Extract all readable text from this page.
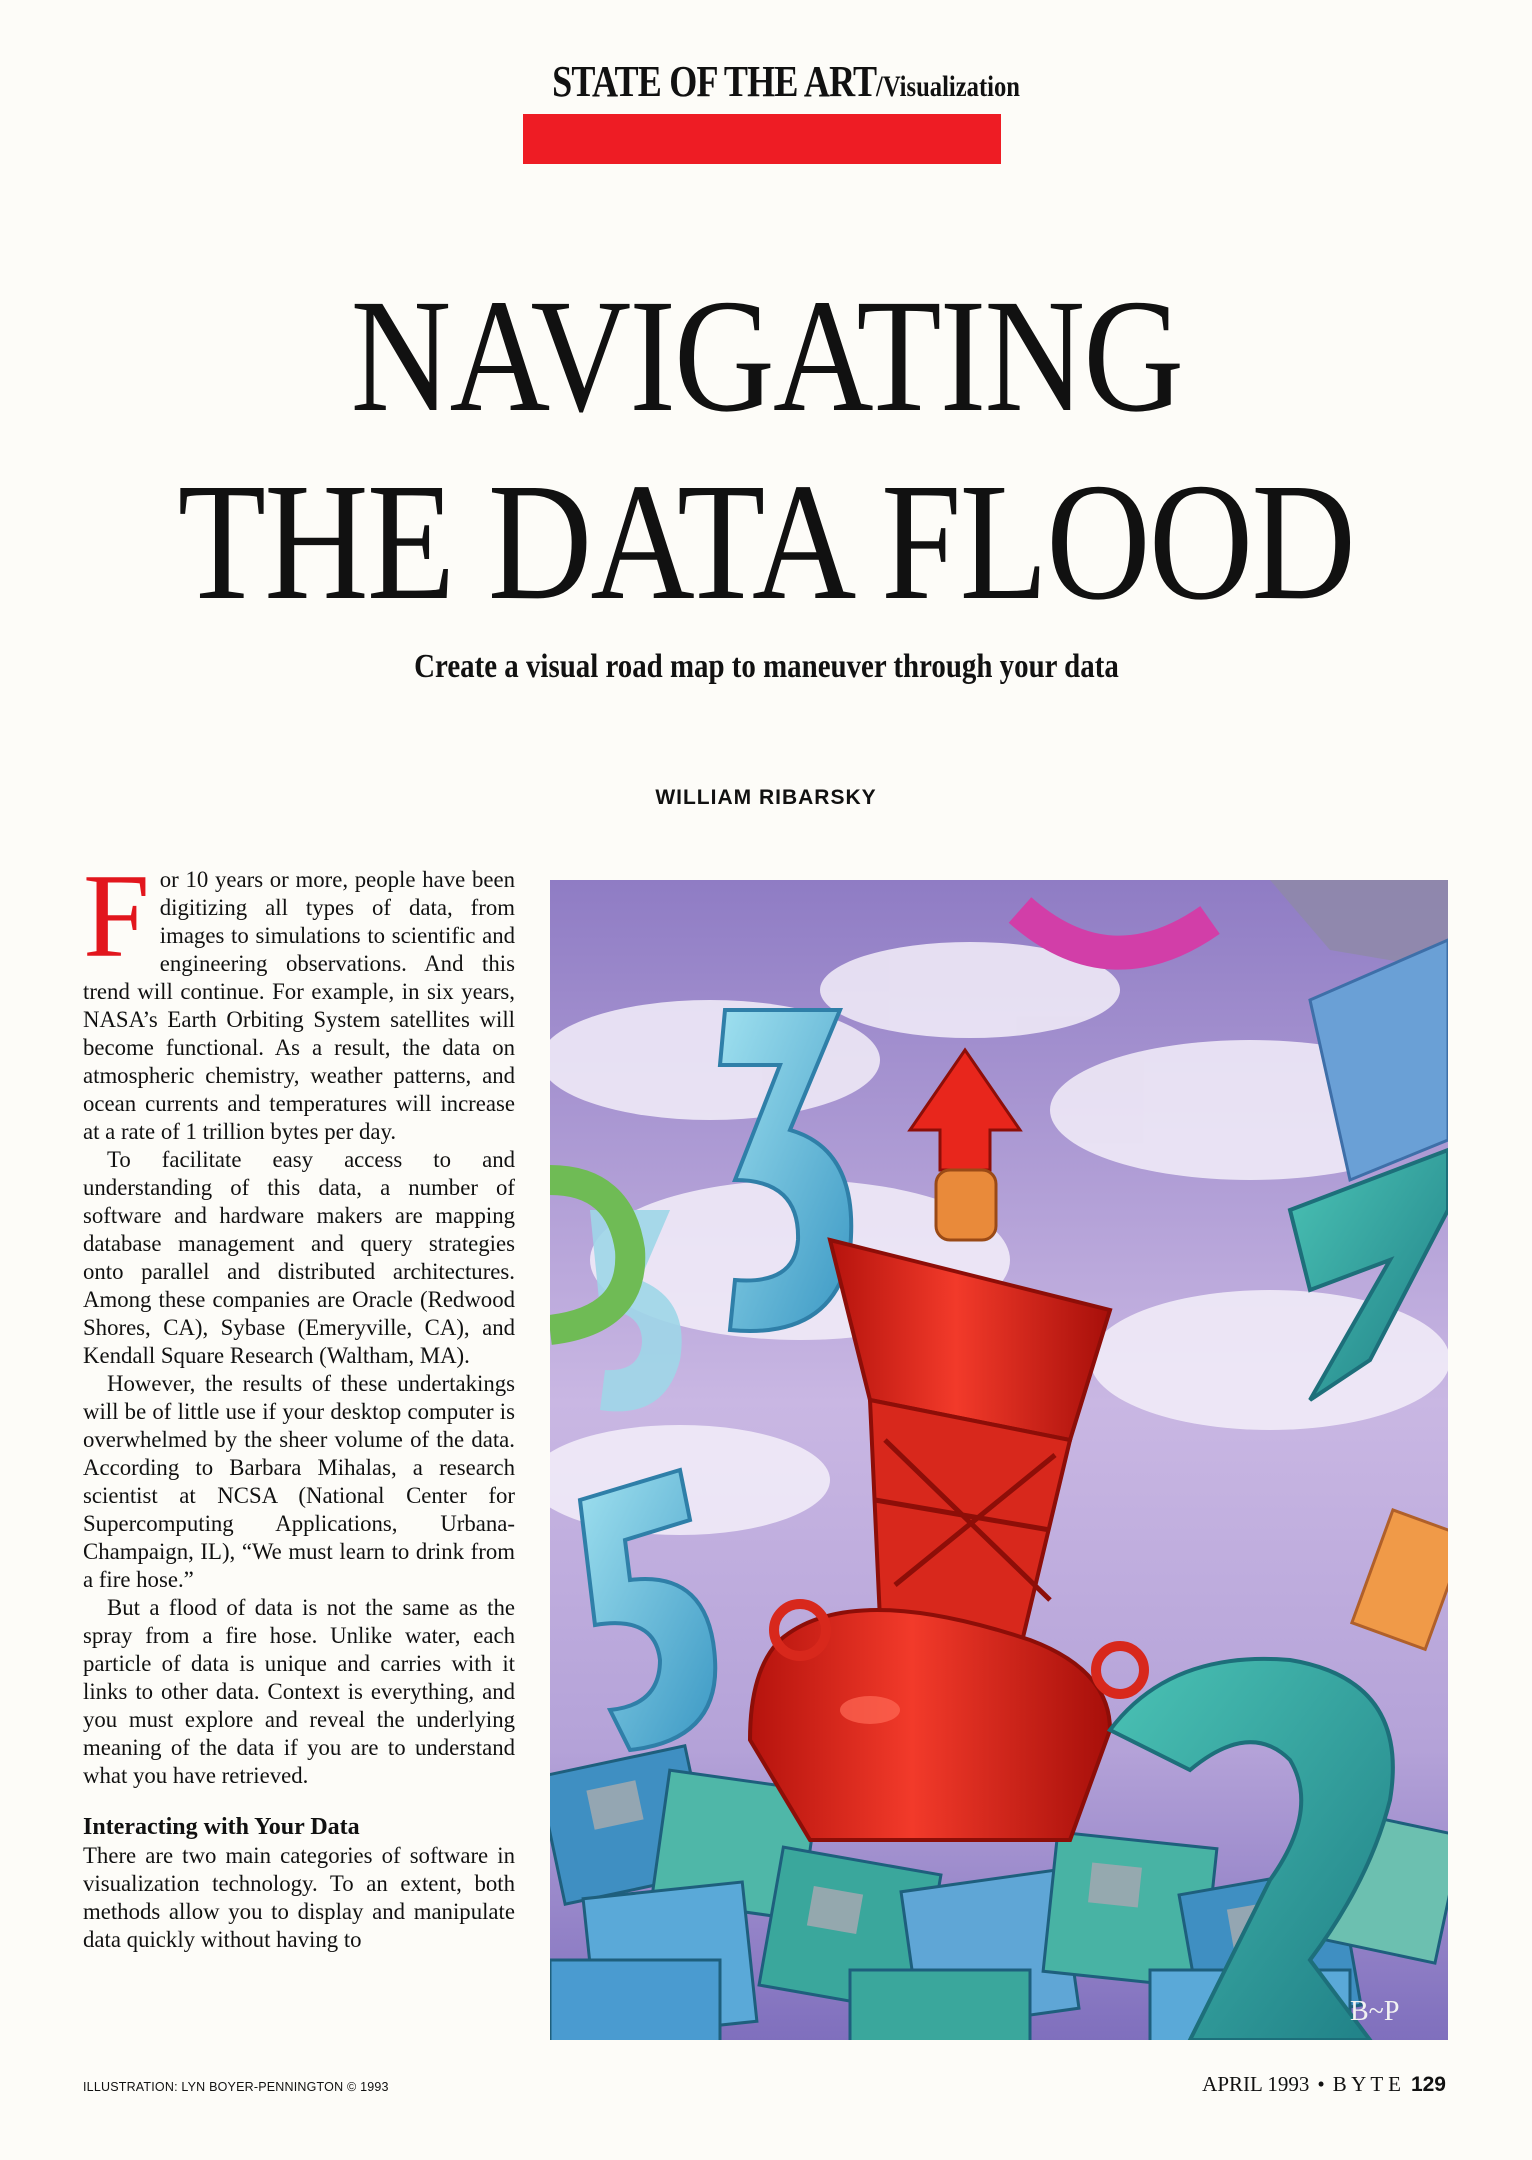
STATE OF THE ART/Visualization
NAVIGATING
THE DATA FLOOD
Create a visual road map to maneuver through your data
WILLIAM RIBARSKY

For 10 years or more, people have been digitizing all types of data, from images to simulations to scientific and engineering observations. And this trend will continue. For example, in six years, NASA’s Earth Orbiting System satellites will become functional. As a result, the data on atmospheric chemistry, weather patterns, and ocean currents and temperatures will increase at a rate of 1 trillion bytes per day.

To facilitate easy access to and understanding of this data, a number of software and hardware makers are mapping database management and query strategies onto parallel and distributed architectures. Among these companies are Oracle (Redwood Shores, CA), Sybase (Emeryville, CA), and Kendall Square Research (Waltham, MA).

However, the results of these undertakings will be of little use if your desktop computer is overwhelmed by the sheer volume of the data. According to Barbara Mihalas, a research scientist at NCSA (National Center for Supercomputing Applications, Urbana-Champaign, IL), “We must learn to drink from a fire hose.”

But a flood of data is not the same as the spray from a fire hose. Unlike water, each particle of data is unique and carries with it links to other data. Context is everything, and you must explore and reveal the underlying meaning of the data if you are to understand what you have retrieved.

Interacting with Your Data

There are two main categories of software in visualization technology. To an extent, both methods allow you to display and manipulate data quickly without having to

B~P
ILLUSTRATION: LYN BOYER-PENNINGTON © 1993	APRIL 1993 • B Y T E 129
